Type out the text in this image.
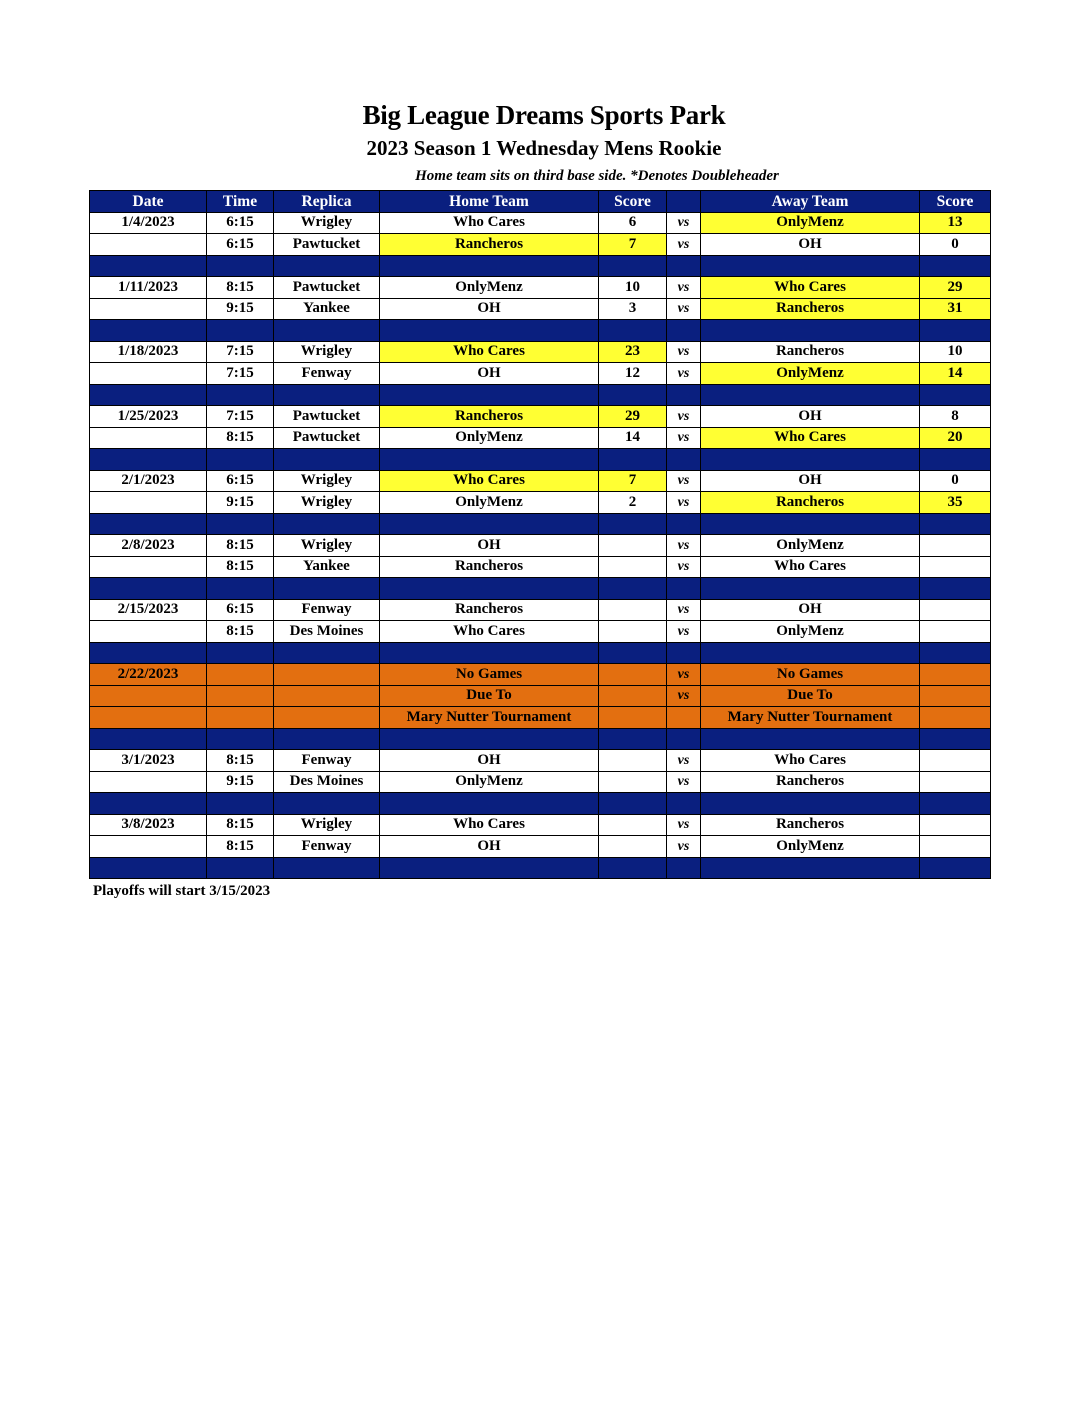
Big League Dreams Sports Park
2023 Season 1 Wednesday Mens Rookie
Home team sits on third base side. *Denotes Doubleheader
Date	Time	Replica	Home Team	Score		Away Team	Score
1/4/2023	6:15	Wrigley	Who Cares	6	vs	OnlyMenz	13
	6:15	Pawtucket	Rancheros	7	vs	OH	0

1/11/2023	8:15	Pawtucket	OnlyMenz	10	vs	Who Cares	29
	9:15	Yankee	OH	3	vs	Rancheros	31

1/18/2023	7:15	Wrigley	Who Cares	23	vs	Rancheros	10
	7:15	Fenway	OH	12	vs	OnlyMenz	14

1/25/2023	7:15	Pawtucket	Rancheros	29	vs	OH	8
	8:15	Pawtucket	OnlyMenz	14	vs	Who Cares	20

2/1/2023	6:15	Wrigley	Who Cares	7	vs	OH	0
	9:15	Wrigley	OnlyMenz	2	vs	Rancheros	35

2/8/2023	8:15	Wrigley	OH		vs	OnlyMenz	
	8:15	Yankee	Rancheros		vs	Who Cares	

2/15/2023	6:15	Fenway	Rancheros		vs	OH	
	8:15	Des Moines	Who Cares		vs	OnlyMenz	

2/22/2023			No Games		vs	No Games	
			Due To		vs	Due To	
			Mary Nutter Tournament			Mary Nutter Tournament	

3/1/2023	8:15	Fenway	OH		vs	Who Cares	
	9:15	Des Moines	OnlyMenz		vs	Rancheros	

3/8/2023	8:15	Wrigley	Who Cares		vs	Rancheros	
	8:15	Fenway	OH		vs	OnlyMenz	

Playoffs will start 3/15/2023
